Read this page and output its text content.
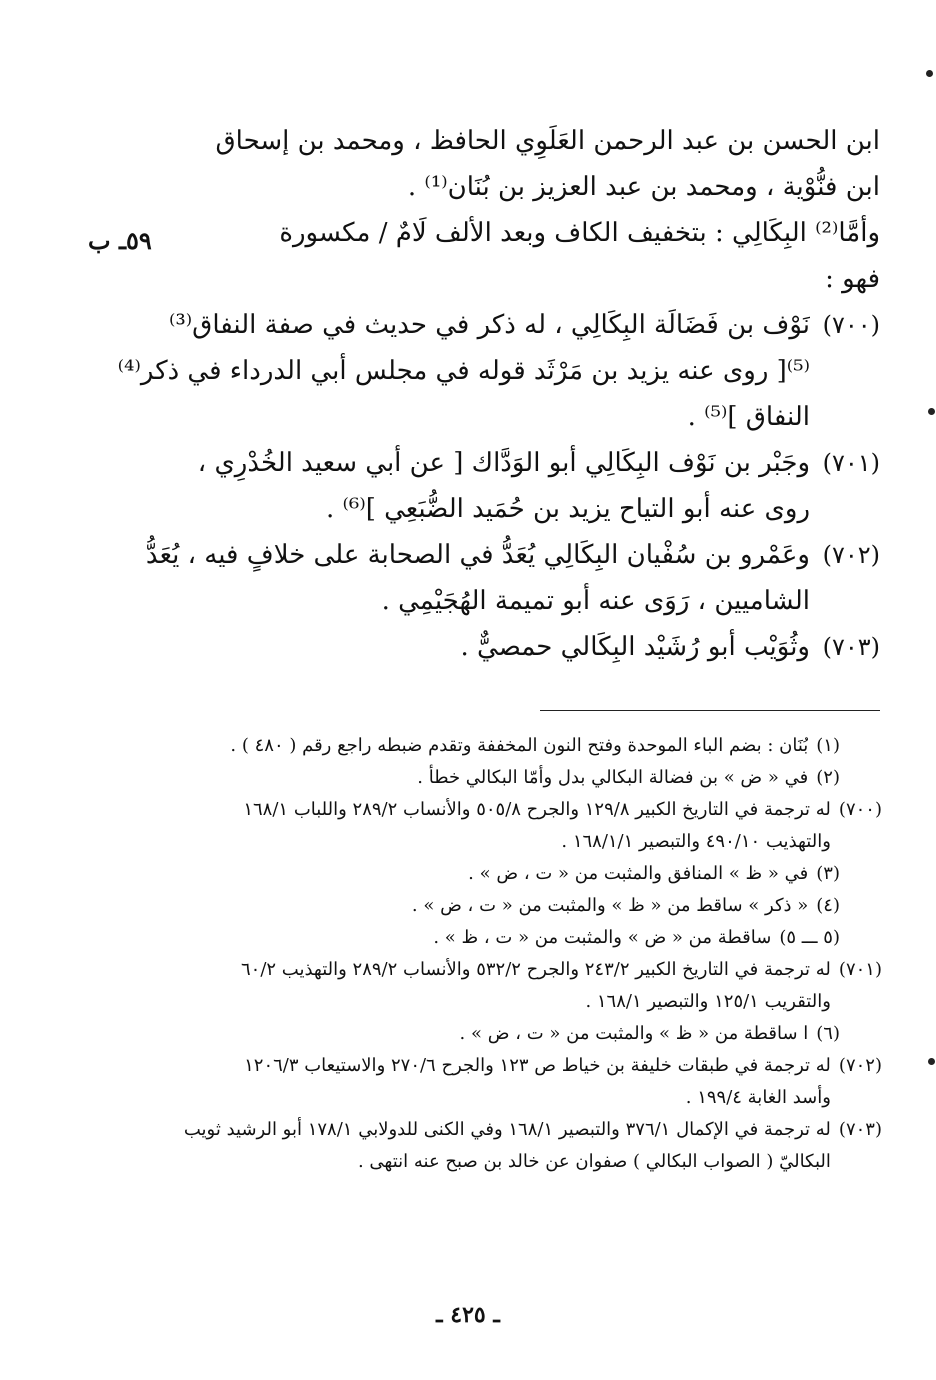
٥٩ـ ب
ابن الحسن بن عبد الرحمن العَلَوِي الحافظ ، ومحمد بن إسحاق
ابن فنُّوْية ، ومحمد بن عبد العزيز بن بُنَان⁽¹⁾ .
وأمَّا⁽²⁾ البِكَالِي : بتخفيف الكاف وبعد الألف لَامٌ / مكسورة
فهو :
(٧٠٠)
نَوْف بن فَضَالَة البِكَالِي ، له ذكر في حديث في صفة النفاق⁽³⁾
⁽⁵⁾[ روى عنه يزيد بن مَرْثَد قوله في مجلس أبي الدرداء في ذكر⁽⁴⁾
النفاق ]⁽⁵⁾ .
(٧٠١)
وجَبْر بن نَوْف البِكَالِي أبو الوَدَّاك [ عن أبي سعيد الخُدْرِي ،
روى عنه أبو التياح يزيد بن حُمَيد الضُّبَعِي ]⁽⁶⁾ .
(٧٠٢)
وعَمْرو بن سُفْيان البِكَالِي يُعَدُّ في الصحابة على خلافٍ فيه ، يُعَدُّ
الشاميين ، رَوَى عنه أبو تميمة الهُجَيْمِي .
(٧٠٣)
وثُوَيْب أبو رُشَيْد البِكَالي حمصيٌّ .
(١)
بُنَان : بضم الباء الموحدة وفتح النون المخففة وتقدم ضبطه راجع رقم ( ٤٨٠ ) .
(٢)
في « ض » بن فضالة البكالي بدل وأمّا البكالي خطأ .
(٧٠٠)
له ترجمة في التاريخ الكبير ١٢٩/٨ والجرح ٥٠٥/٨ والأنساب ٢٨٩/٢ واللباب ١٦٨/١
والتهذيب ٤٩٠/١٠ والتبصير ١٦٨/١/١ .
(٣)
في « ظ » المنافق والمثبت من « ت ، ض » .
(٤)
« ذكر » ساقط من « ظ » والمثبت من « ت ، ض » .
(٥ ـــ ٥)
ساقطة من « ض » والمثبت من « ت ، ظ » .
(٧٠١)
له ترجمة في التاريخ الكبير ٢٤٣/٢ والجرح ٥٣٢/٢ والأنساب ٢٨٩/٢ والتهذيب ٦٠/٢
والتقريب ١٢٥/١ والتبصير ١٦٨/١ .
(٦)
ا ساقطة من « ظ » والمثبت من « ت ، ض » .
(٧٠٢)
له ترجمة في طبقات خليفة بن خياط ص ١٢٣ والجرح ٢٧٠/٦ والاستيعاب ١٢٠٦/٣
وأسد الغابة ١٩٩/٤ .
(٧٠٣)
له ترجمة في الإكمال ٣٧٦/١ والتبصير ١٦٨/١ وفي الكنى للدولابي ١٧٨/١ أبو الرشيد ثويب
البكاليّ ( الصواب البكالي ) صفوان عن خالد بن صبح عنه انتهى .
ـ ٤٢٥ ـ
